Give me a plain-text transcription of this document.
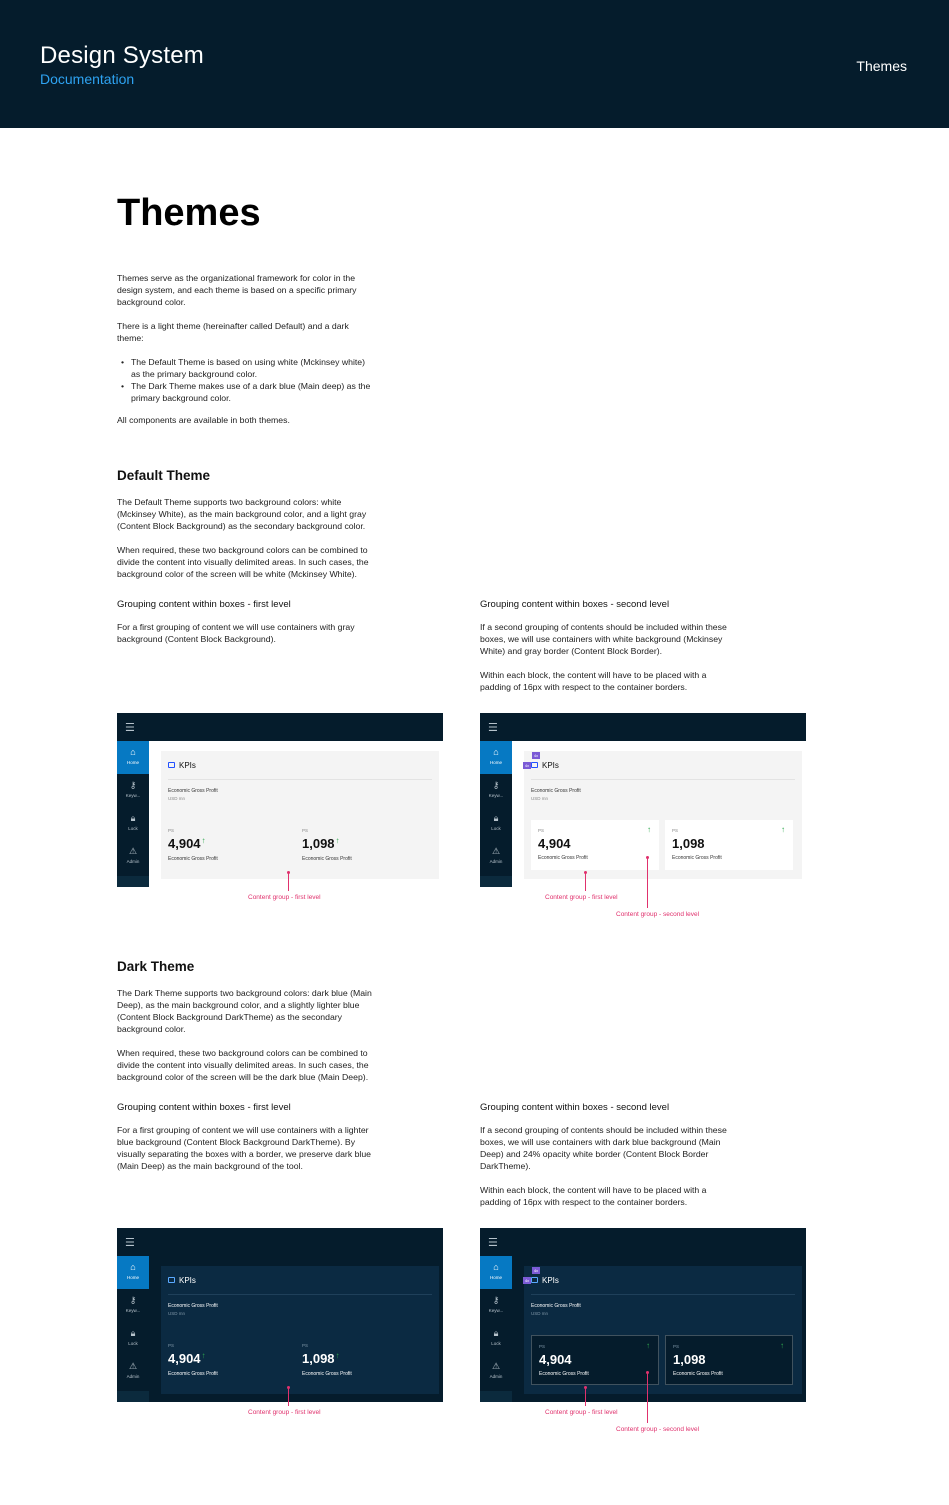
Design System
Documentation
Themes
Themes

Themes serve as the organizational framework for color in the design system, and each theme is based on a specific primary background color.

There is a light theme (hereinafter called Default) and a dark theme:

• The Default Theme is based on using white (Mckinsey white) as the primary background color.
• The Dark Theme makes use of a dark blue (Main deep) as the primary background color.

All components are available in both themes.

Default Theme

The Default Theme supports two background colors: white (Mckinsey White), as the main background color, and a light gray (Content Block Background) as the secondary background color.

When required, these two background colors can be combined to divide the content into visually delimited areas. In such cases, the background color of the screen will be white (Mckinsey White).

Grouping content within boxes - first level
For a first grouping of content we will use containers with gray background (Content Block Background).
Grouping content within boxes - second level

If a second grouping of contents should be included within these boxes, we will use containers with white background (Mckinsey White) and gray border (Content Block Border).

Within each block, the content will have to be placed with a padding of 16px with respect to the container borders.

☰
⌂
Home
⚷
Keyw...
🔒︎
Lock
⚠
Admin
KPIs
Economic Gross Profit
USD mn
PS
4,904↑
Economic Gross Profit
PS
1,098↑
Economic Gross Profit
Content group - first level
☰
⌂
Home
⚷
Keyw...
🔒︎
Lock
⚠
Admin
KPIs
Economic Gross Profit
USD mn
PS
4,904
Economic Gross Profit
↑	PS
1,098
Economic Gross Profit
↑
4x
4x
Content group - first level
Content group - second level
Dark Theme

The Dark Theme supports two background colors: dark blue (Main Deep), as the main background color, and a slightly lighter blue (Content Block Background DarkTheme) as the secondary background color.

When required, these two background colors can be combined to divide the content into visually delimited areas. In such cases, the background color of the screen will be the dark blue (Main Deep).

Grouping content within boxes - first level
For a first grouping of content we will use containers with a lighter blue background (Content Block Background DarkTheme). By visually separating the boxes with a border, we preserve dark blue (Main Deep) as the main background of the tool.
Grouping content within boxes - second level

If a second grouping of contents should be included within these boxes, we will use containers with dark blue background (Main Deep) and 24% opacity white border (Content Block Border DarkTheme).

Within each block, the content will have to be placed with a padding of 16px with respect to the container borders.

☰
⌂
Home
⚷
Keyw...
🔒︎
Lock
⚠
Admin
KPIs
Economic Gross Profit
USD mn
PS
4,904↑
Economic Gross Profit
PS
1,098↑
Economic Gross Profit
Content group - first level
☰
⌂
Home
⚷
Keyw...
🔒︎
Lock
⚠
Admin
KPIs
Economic Gross Profit
USD mn
PS
4,904
Economic Gross Profit
↑	PS
1,098
Economic Gross Profit
↑
4x
4x
Content group - first level
Content group - second level
